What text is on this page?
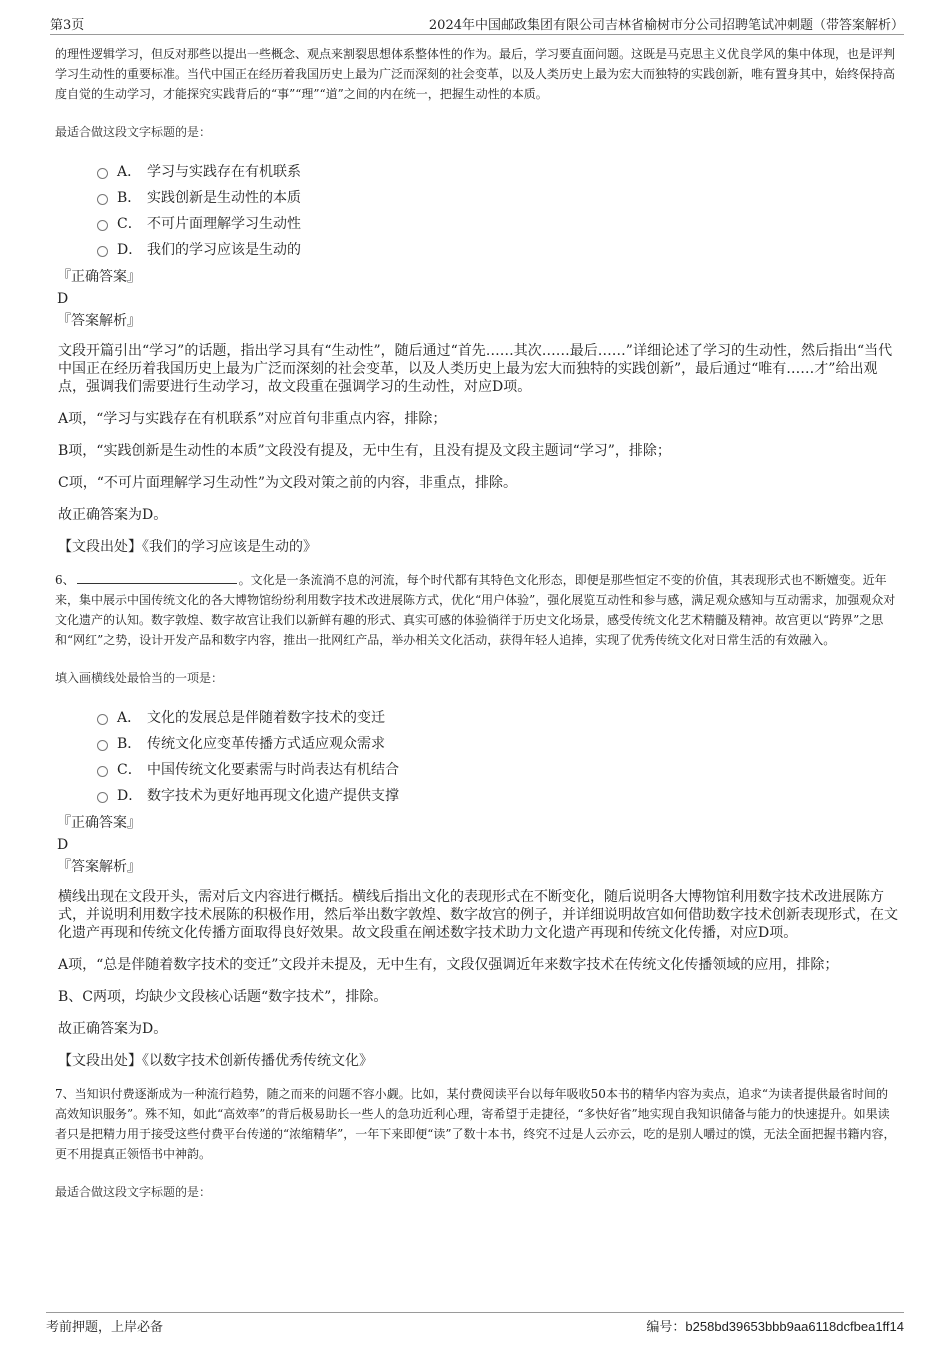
第3页	2024年中国邮政集团有限公司吉林省榆树市分公司招聘笔试冲刺题（带答案解析）

的理性逻辑学习，但反对那些以提出一些概念、观点来割裂思想体系整体性的作为。最后，学习要直面问题。这既是马克思主义优良学风的集中体现，也是评判学习生动性的重要标准。当代中国正在经历着我国历史上最为广泛而深刻的社会变革，以及人类历史上最为宏大而独特的实践创新，唯有置身其中，始终保持高度自觉的生动学习，才能探究实践背后的“事”“理”“道”之间的内在统一，把握生动性的本质。

最适合做这段文字标题的是：
A． 学习与实践存在有机联系
B． 实践创新是生动性的本质
C． 不可片面理解学习生动性
D． 我们的学习应该是生动的
『正确答案』
D
『答案解析』

文段开篇引出“学习”的话题，指出学习具有“生动性”，随后通过“首先……其次……最后……”详细论述了学习的生动性，然后指出“当代中国正在经历着我国历史上最为广泛而深刻的社会变革，以及人类历史上最为宏大而独特的实践创新”，最后通过“唯有……才”给出观点，强调我们需要进行生动学习，故文段重在强调学习的生动性，对应D项。

A项，“学习与实践存在有机联系”对应首句非重点内容，排除；

B项，“实践创新是生动性的本质”文段没有提及，无中生有，且没有提及文段主题词“学习”，排除；

C项，“不可片面理解学习生动性”为文段对策之前的内容，非重点，排除。

故正确答案为D。

【文段出处】《我们的学习应该是生动的》

6、	。文化是一条流淌不息的河流，每个时代都有其特色文化形态，即便是那些恒定不变的价值，其表现形式也不断嬗变。近年来，集中展示中国传统文化的各大博物馆纷纷利用数字技术改进展陈方式，优化“用户体验”，强化展览互动性和参与感，满足观众感知与互动需求，加强观众对文化遗产的认知。数字敦煌、数字故宫让我们以新鲜有趣的形式、真实可感的体验徜徉于历史文化场景，感受传统文化艺术精髓及精神。故宫更以“跨界”之思和“网红”之势，设计开发产品和数字内容，推出一批网红产品，举办相关文化活动，获得年轻人追捧，实现了优秀传统文化对日常生活的有效融入。

填入画横线处最恰当的一项是：
A． 文化的发展总是伴随着数字技术的变迁
B． 传统文化应变革传播方式适应观众需求
C． 中国传统文化要素需与时尚表达有机结合
D． 数字技术为更好地再现文化遗产提供支撑
『正确答案』
D
『答案解析』

横线出现在文段开头，需对后文内容进行概括。横线后指出文化的表现形式在不断变化，随后说明各大博物馆利用数字技术改进展陈方式，并说明利用数字技术展陈的积极作用，然后举出数字敦煌、数字故宫的例子，并详细说明故宫如何借助数字技术创新表现形式，在文化遗产再现和传统文化传播方面取得良好效果。故文段重在阐述数字技术助力文化遗产再现和传统文化传播，对应D项。

A项，“总是伴随着数字技术的变迁”文段并未提及，无中生有，文段仅强调近年来数字技术在传统文化传播领域的应用，排除；

B、C两项，均缺少文段核心话题“数字技术”，排除。

故正确答案为D。

【文段出处】《以数字技术创新传播优秀传统文化》

7、当知识付费逐渐成为一种流行趋势，随之而来的问题不容小觑。比如，某付费阅读平台以每年吸收50本书的精华内容为卖点，追求“为读者提供最省时间的高效知识服务”。殊不知，如此“高效率”的背后极易助长一些人的急功近利心理，寄希望于走捷径，“多快好省”地实现自我知识储备与能力的快速提升。如果读者只是把精力用于接受这些付费平台传递的“浓缩精华”，一年下来即便“读”了数十本书，终究不过是人云亦云，吃的是别人嚼过的馍，无法全面把握书籍内容，更不用提真正领悟书中神韵。

最适合做这段文字标题的是：
考前押题，上岸必备	编号：b258bd39653bbb9aa6118dcfbea1ff14
